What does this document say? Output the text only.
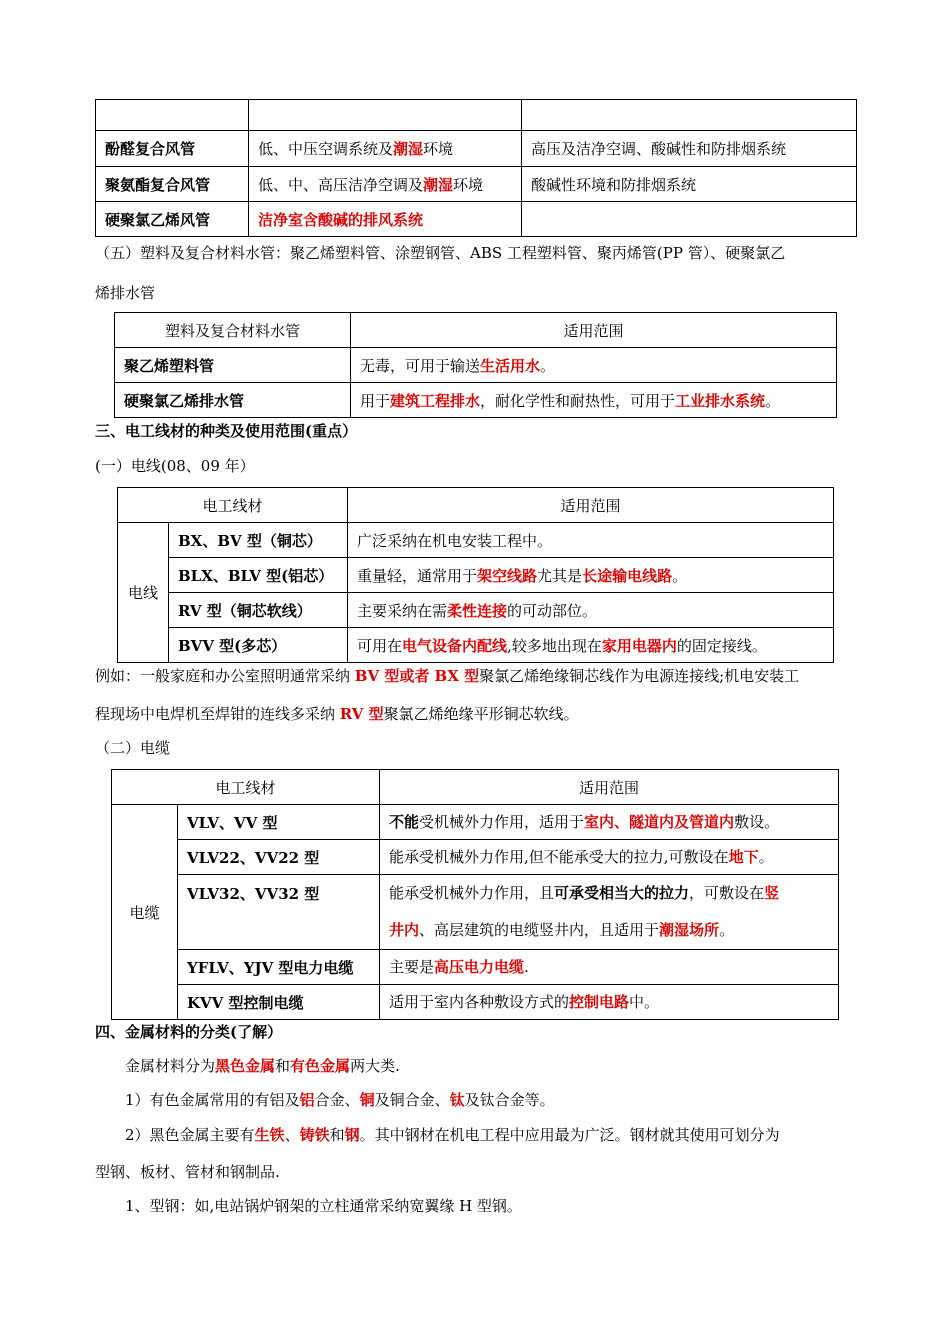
酚醛复合风管	低、中压空调系统及潮湿环境	高压及洁净空调、酸碱性和防排烟系统
聚氨酯复合风管	低、中、高压洁净空调及潮湿环境	酸碱性环境和防排烟系统
硬聚氯乙烯风管	洁净室含酸碱的排风系统	
（五）塑料及复合材料水管：聚乙烯塑料管、涂塑钢管、ABS 工程塑料管、聚丙烯管(PP 管）、硬聚氯乙
烯排水管
塑料及复合材料水管	适用范围
聚乙烯塑料管	无毒，可用于输送生活用水。
硬聚氯乙烯排水管	用于建筑工程排水，耐化学性和耐热性，可用于工业排水系统。
三、电工线材的种类及使用范围(重点）
(一）电线(08、09 年）
电工线材		适用范围
电线	BX、BV 型（铜芯）	广泛采纳在机电安装工程中。
	BLX、BLV 型(铝芯）	重量轻，通常用于架空线路尤其是长途输电线路。
	RV 型（铜芯软线）	主要采纳在需柔性连接的可动部位。
	BVV 型(多芯）	可用在电气设备内配线,较多地出现在家用电器内的固定接线。
例如：一般家庭和办公室照明通常采纳 BV 型或者 BX 型聚氯乙烯绝缘铜芯线作为电源连接线;机电安装工
程现场中电焊机至焊钳的连线多采纳 RV 型聚氯乙烯绝缘平形铜芯软线。
（二）电缆
电工线材		适用范围
电缆	VLV、VV 型	不能受机械外力作用，适用于室内、隧道内及管道内敷设。

	VLV22、VV22 型	能承受机械外力作用,但不能承受大的拉力,可敷设在地下。

	VLV32、VV32 型	能承受机械外力作用，且可承受相当大的拉力，可敷设在竖
井内、高层建筑的电缆竖井内，且适用于潮湿场所。

	YFLV、YJV 型电力电缆	主要是高压电力电缆.

	KVV 型控制电缆	适用于室内各种敷设方式的控制电路中。
四、金属材料的分类(了解）
金属材料分为黑色金属和有色金属两大类.
1）有色金属常用的有铝及铝合金、铜及铜合金、钛及钛合金等。
2）黑色金属主要有生铁、铸铁和钢。其中钢材在机电工程中应用最为广泛。钢材就其使用可划分为
型钢、板材、管材和钢制品.
1、型钢：如,电站锅炉钢架的立柱通常采纳宽翼缘 H 型钢。
